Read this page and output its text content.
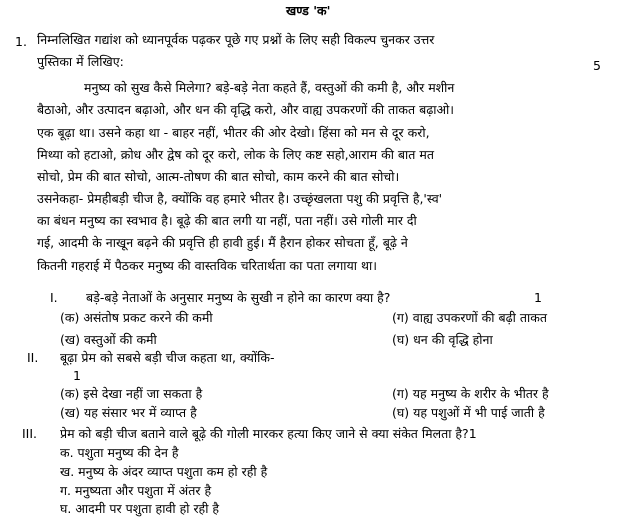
खण्ड 'क'
1. निम्नलिखित गद्यांश को ध्यानपूर्वक पढ़कर पूछे गए प्रश्नों के लिए सही विकल्प चुनकर उत्तर
पुस्तिका में लिखिए:	5
मनुष्य को सुख कैसे मिलेगा? बड़े-बड़े नेता कहते हैं, वस्तुओं की कमी है, और मशीन
बैठाओ, और उत्पादन बढ़ाओ, और धन की वृद्धि करो, और वाह्य उपकरणों की ताकत बढ़ाओ।
एक बूढ़ा था। उसने कहा था - बाहर नहीं, भीतर की ओर देखो। हिंसा को मन से दूर करो,
मिथ्या को हटाओ, क्रोध और द्वेष को दूर करो, लोक के लिए कष्ट सहो,आराम की बात मत
सोचो, प्रेम की बात सोचो, आत्म-तोषण की बात सोचो, काम करने की बात सोचो।
उसनेकहा- प्रेमहीबड़ी चीज है, क्योंकि वह हमारे भीतर है। उच्छृंखलता पशु की प्रवृत्ति है,'स्व'
का बंधन मनुष्य का स्वभाव है। बूढ़े की बात लगी या नहीं, पता नहीं। उसे गोली मार दी
गई, आदमी के नाखून बढ़ने की प्रवृत्ति ही हावी हुई। मैं हैरान होकर सोचता हूँ, बूढ़े ने
कितनी गहराई में पैठकर मनुष्य की वास्तविक चरितार्थता का पता लगाया था।
I. बड़े-बड़े नेताओं के अनुसार मनुष्य के सुखी न होने का कारण क्या है?	1
(क) असंतोष प्रकट करने की कमी	(ग) वाह्य उपकरणों की बढ़ी ताकत
(ख) वस्तुओं की कमी	(घ) धन की वृद्धि होना
II. बूढ़ा प्रेम को सबसे बड़ी चीज कहता था, क्योंकि-
1
(क) इसे देखा नहीं जा सकता है	(ग) यह मनुष्य के शरीर के भीतर है
(ख) यह संसार भर में व्याप्त है	(घ) यह पशुओं में भी पाई जाती है
III. प्रेम को बड़ी चीज बताने वाले बूढ़े की गोली मारकर हत्या किए जाने से क्या संकेत मिलता है?1
क. पशुता मनुष्य की देन है
ख. मनुष्य के अंदर व्याप्त पशुता कम हो रही है
ग. मनुष्यता और पशुता में अंतर है
घ. आदमी पर पशुता हावी हो रही है
